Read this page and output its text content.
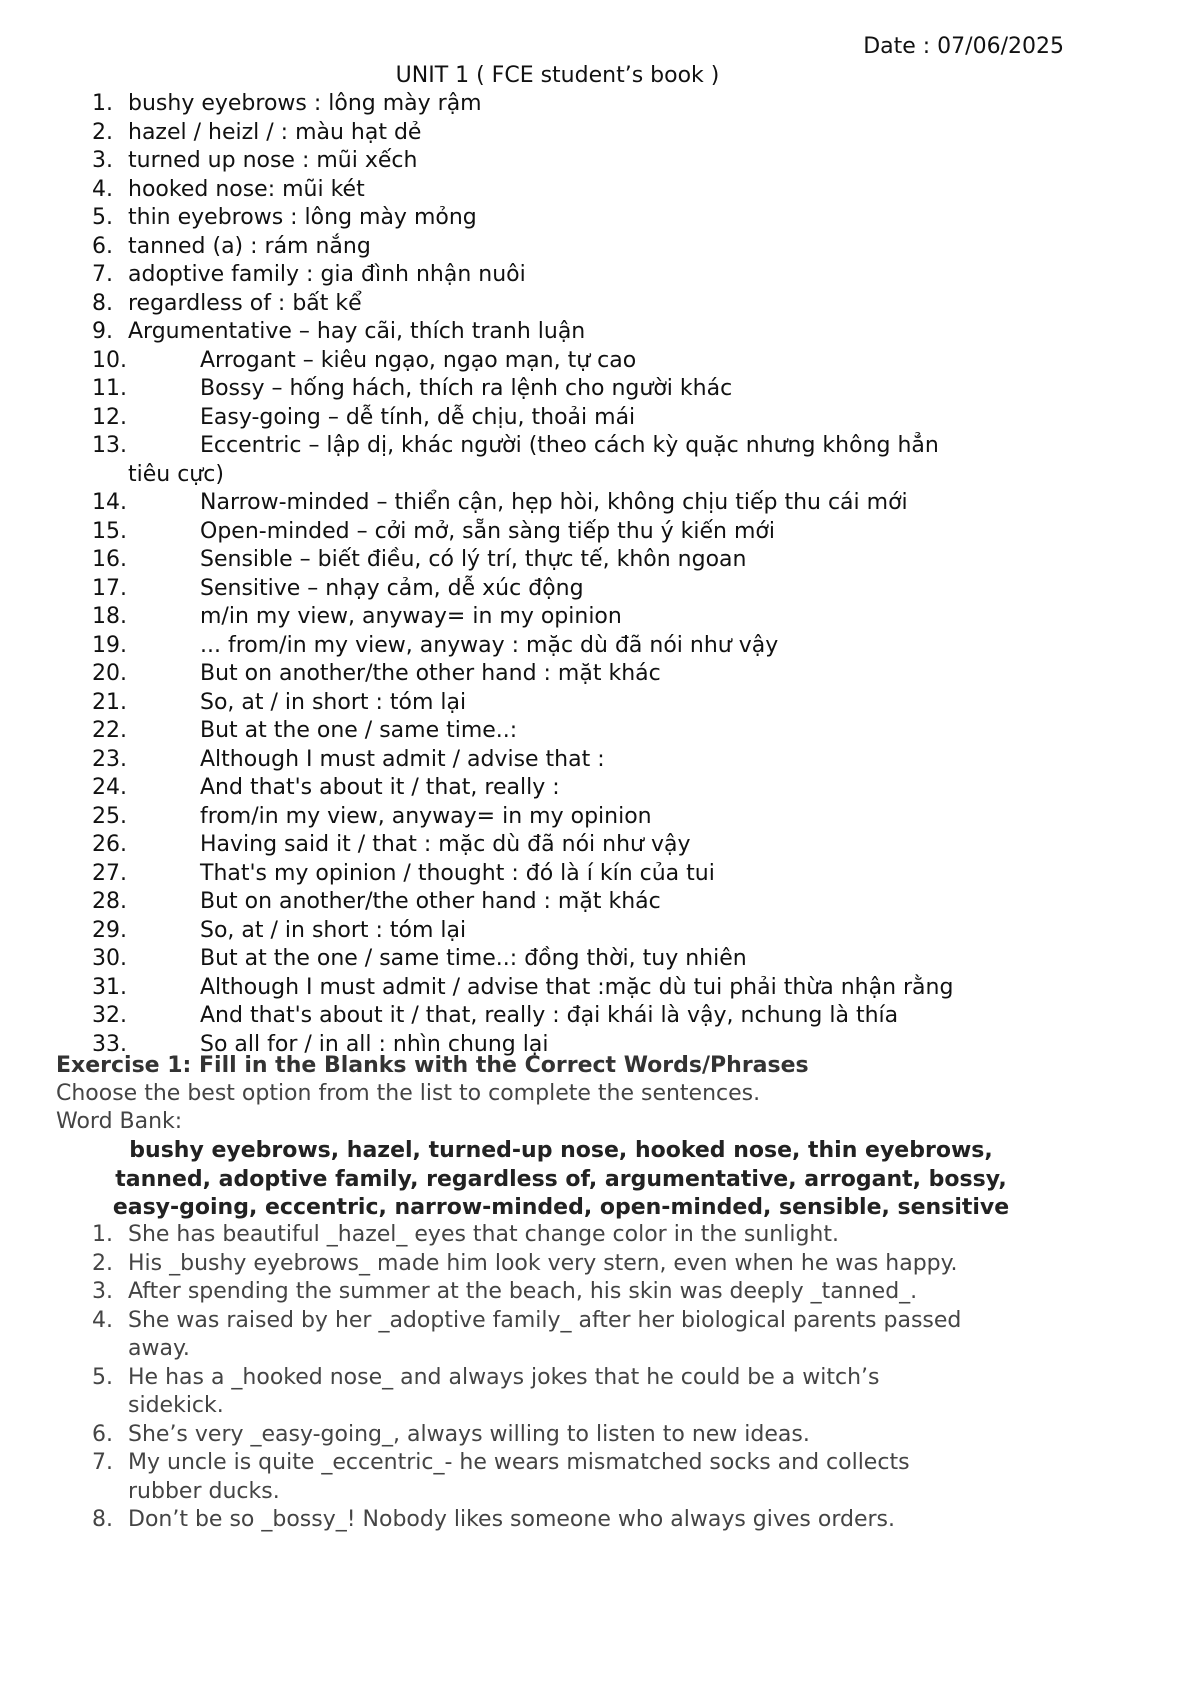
Date : 07/06/2025
UNIT 1 ( FCE student’s book )
1. bushy eyebrows : lông mày rậm
2. hazel / heizl / : màu hạt dẻ
3. turned up nose : mũi xếch
4. hooked nose: mũi két
5. thin eyebrows : lông mày mỏng
6. tanned (a) : rám nắng
7. adoptive family : gia đình nhận nuôi
8. regardless of : bất kể
9. Argumentative – hay cãi, thích tranh luận
10.	Arrogant – kiêu ngạo, ngạo mạn, tự cao
11.	Bossy – hống hách, thích ra lệnh cho người khác
12.	Easy-going – dễ tính, dễ chịu, thoải mái
13.	Eccentric – lập dị, khác người (theo cách kỳ quặc nhưng không hẳn
tiêu cực)
14.	Narrow-minded – thiển cận, hẹp hòi, không chịu tiếp thu cái mới
15.	Open-minded – cởi mở, sẵn sàng tiếp thu ý kiến mới
16.	Sensible – biết điều, có lý trí, thực tế, khôn ngoan
17.	Sensitive – nhạy cảm, dễ xúc động
18.	m/in my view, anyway= in my opinion
19.	... from/in my view, anyway : mặc dù đã nói như vậy
20.	But on another/the other hand : mặt khác
21.	So, at / in short : tóm lại
22.	But at the one / same time..:
23.	Although I must admit / advise that :
24.	And that's about it / that, really :
25.	from/in my view, anyway= in my opinion
26.	Having said it / that : mặc dù đã nói như vậy
27.	That's my opinion / thought : đó là í kín của tui
28.	But on another/the other hand : mặt khác
29.	So, at / in short : tóm lại
30.	But at the one / same time..: đồng thời, tuy nhiên
31.	Although I must admit / advise that :mặc dù tui phải thừa nhận rằng
32.	And that's about it / that, really : đại khái là vậy, nchung là thía
33.	So all for / in all : nhìn chung lại
Exercise 1: Fill in the Blanks with the Correct Words/Phrases
Choose the best option from the list to complete the sentences.
Word Bank:
bushy eyebrows, hazel, turned-up nose, hooked nose, thin eyebrows,
tanned, adoptive family, regardless of, argumentative, arrogant, bossy,
easy-going, eccentric, narrow-minded, open-minded, sensible, sensitive
1. She has beautiful _hazel_ eyes that change color in the sunlight.
2. His _bushy eyebrows_ made him look very stern, even when he was happy.
3. After spending the summer at the beach, his skin was deeply _tanned_.
4. She was raised by her _adoptive family_ after her biological parents passed
away.
5. He has a _hooked nose_ and always jokes that he could be a witch’s
sidekick.
6. She’s very _easy-going_, always willing to listen to new ideas.
7. My uncle is quite _eccentric_- he wears mismatched socks and collects
rubber ducks.
8. Don’t be so _bossy_! Nobody likes someone who always gives orders.
